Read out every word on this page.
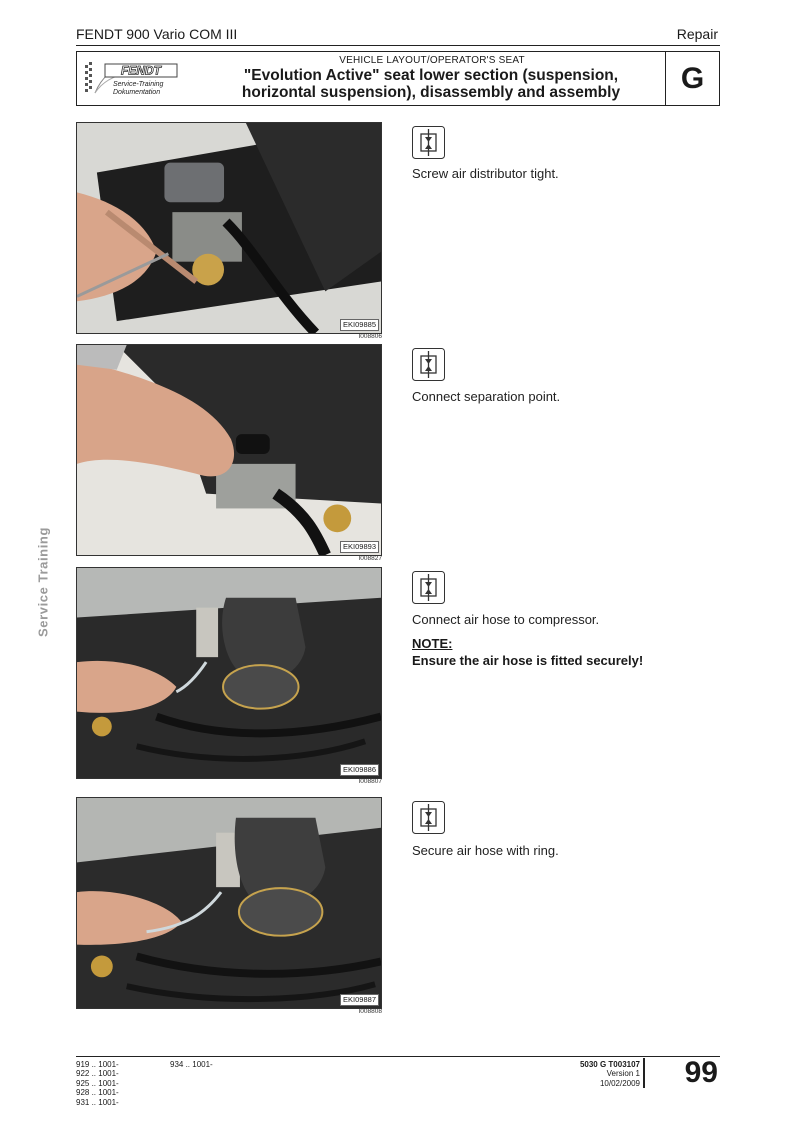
FENDT 900 Vario COM III	Repair
FENDT
Service-Training
Dokumentation
VEHICLE LAYOUT/OPERATOR'S SEAT
"Evolution Active" seat lower section (suspension,
horizontal suspension), disassembly and assembly	G
Service Training
EKI09885
I008806
Screw air distributor tight.
EKI09893
I008827
Connect separation point.
EKI09886
I008807
Connect air hose to compressor.
NOTE:
Ensure the air hose is fitted securely!
EKI09887
I008808
Secure air hose with ring.
919 .. 1001-
922 .. 1001-
925 .. 1001-
928 .. 1001-
931 .. 1001-
934 .. 1001-	5030 G T003107
Version 1
10/02/2009	99
